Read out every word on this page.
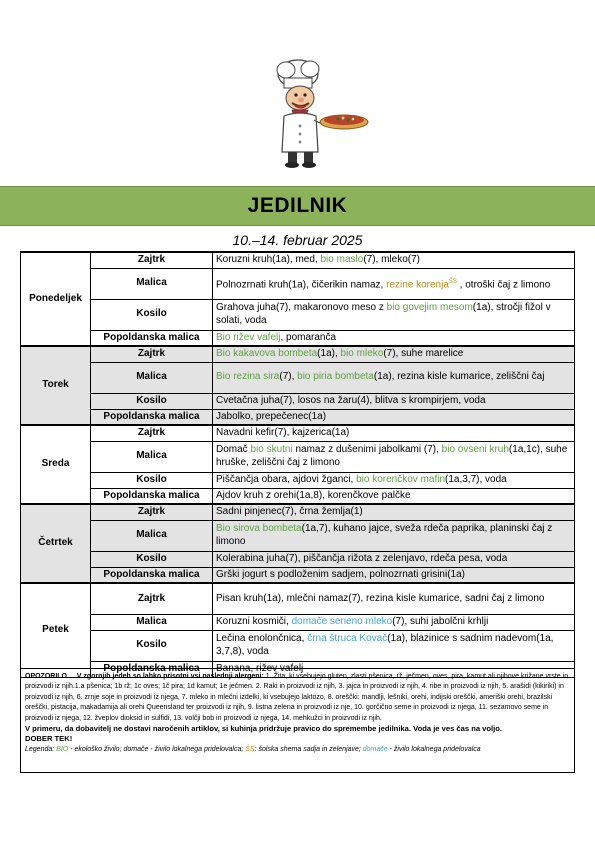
JEDILNIK
10.–14. februar 2025
Ponedeljek	Zajtrk	Koruzni kruh(1a), med, bio maslo(7), mleko(7)
	Malica	Polnozrnati kruh(1a), čičerikin namaz, rezine korenja$^{ŠS}$ , otroški čaj z limono
	Kosilo	Grahova juha(7), makaronovo meso z bio govejim mesom(1a), stročji fižol v solati, voda
	Popoldanska malica	Bio rižev vafelj, pomaranča
Torek	Zajtrk	Bio kakavova bombeta(1a), bio mleko(7), suhe marelice
	Malica	Bio rezina sira(7), bio piria bombeta(1a), rezina kisle kumarice, zeliščni čaj
	Kosilo	Cvetačna juha(7), losos na žaru(4), blitva s krompirjem, voda
	Popoldanska malica	Jabolko, prepečenec(1a)
Sreda	Zajtrk	Navadni kefir(7), kajzerica(1a)
	Malica	Domač bio skutni namaz z dušenimi jabolkami (7), bio ovseni kruh(1a,1c), suhe hruške, zeliščni čaj z limono
	Kosilo	Piščančja obara, ajdovi žganci, bio korenčkov mafin(1a,3,7), voda
	Popoldanska malica	Ajdov kruh z orehi(1a,8), korenčkove palčke
Četrtek	Zajtrk	Sadni pinjenec(7), črna žemlja(1)
	Malica	Bio sirova bombeta(1a,7), kuhano jajce, sveža rdeča paprika, planinski čaj z limono
	Kosilo	Kolerabina juha(7), piščančja rižota z zelenjavo, rdeča pesa, voda
	Popoldanska malica	Grški jogurt s podloženim sadjem, polnozrnati grisini(1a)
Petek	Zajtrk	Pisan kruh(1a), mlečni namaz(7), rezina kisle kumarice, sadni čaj z limono
	Malica	Koruzni kosmiči, domače seneno mleko(7), suhi jabolčni krhlji
	Kosilo	Lečina enolončnica, črna štruca Kovač(1a), blazinice s sadnim nadevom(1a, 3,7,8), voda
	Popoldanska malica	Banana, rižev vafelj
OPOZORILO V zgornjih jedeh so lahko prisotni vsi naslednji alergeni: 1. Žita, ki vsebujejo gluten, zlasti pšenica, rž, ječmen, oves, pira, kamut ali njihove križane vrste in proizvodi iz njih.1.a pšenica; 1b rž; 1c oves; 1č pira; 1d kamut; 1e ječmen. 2. Raki in proizvodi iz njih, 3. jajca in proizvodi iz njih, 4. ribe in proizvodi iz njih, 5. arašidi (kikiriki) in proizvodi iz njih, 6. zrnje soje in proizvodi iz njega, 7. mleko in mlečni izdelki, ki vsebujejo laktozo, 8. oreščki: mandlji, lešniki, orehi, indijski oreščki, ameriški orehi, brazilski oreščki, pistacija, makadamija ali orehi Queensland ter proizvodi iz njih, 9. listna zelena in proizvodi iz nje, 10. gorčično seme in proizvodi iz njega, 11. sezamovo seme in proizvodi iz njega, 12. žveplov dioksid in sulfidi, 13. volčji bob in proizvodi iz njega, 14. mehkužci in proizvodi iz njih.
V primeru, da dobavitelj ne dostavi naročenih artiklov, si kuhinja pridržuje pravico do spremembe jedilnika. Voda je ves čas na voljo.
DOBER TEK!
Legenda: BIO - ekološko živilo; domače - živilo lokalnega pridelovalca; ŠS: šolska shema sadja in zelenjave; domače - živilo lokalnega pridelovalca
